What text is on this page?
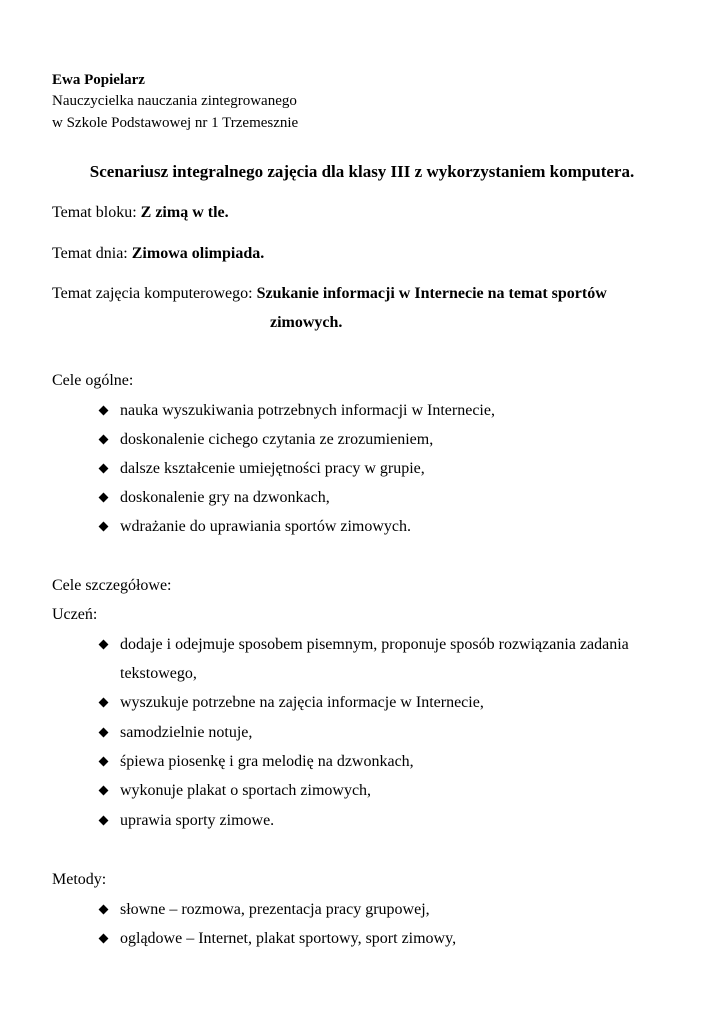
Ewa Popielarz
Nauczycielka nauczania zintegrowanego
w Szkole Podstawowej nr 1 Trzemesznie
Scenariusz integralnego zajęcia dla klasy III z wykorzystaniem komputera.
Temat bloku: Z zimą w tle.
Temat dnia: Zimowa olimpiada.
Temat zajęcia komputerowego: Szukanie informacji w Internecie na temat sportów
zimowych.
Cele ogólne:
nauka wyszukiwania potrzebnych informacji w Internecie,
doskonalenie cichego czytania ze zrozumieniem,
dalsze kształcenie umiejętności pracy w grupie,
doskonalenie gry na dzwonkach,
wdrażanie do uprawiania sportów zimowych.
Cele szczegółowe:
Uczeń:
dodaje i odejmuje sposobem pisemnym, proponuje sposób rozwiązania zadania
tekstowego,
wyszukuje potrzebne na zajęcia informacje w Internecie,
samodzielnie notuje,
śpiewa piosenkę i gra melodię na dzwonkach,
wykonuje plakat o sportach zimowych,
uprawia sporty zimowe.
Metody:
słowne – rozmowa, prezentacja pracy grupowej,
oglądowe – Internet, plakat sportowy, sport zimowy,
